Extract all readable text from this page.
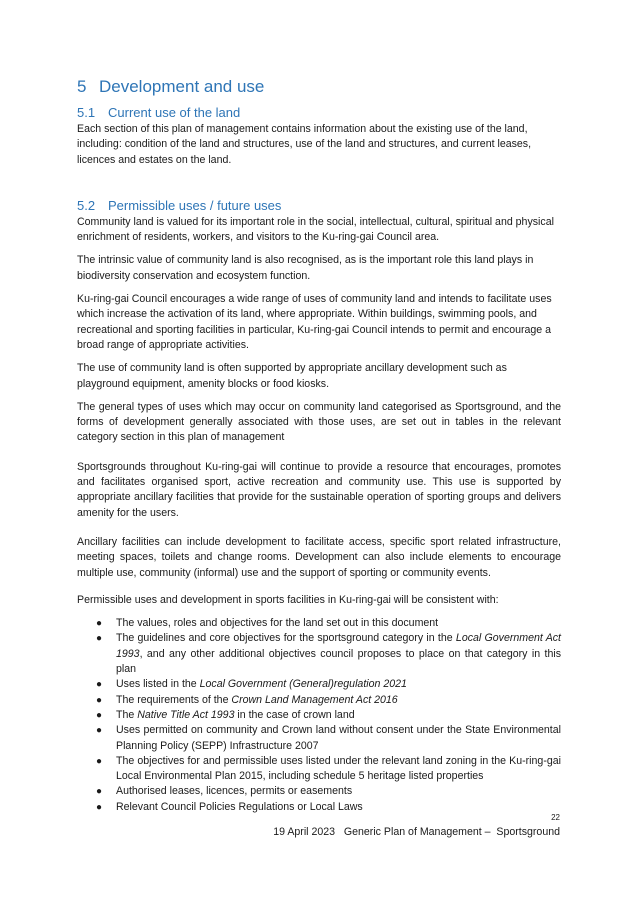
5 Development and use
5.1 Current use of the land

Each section of this plan of management contains information about the existing use of the land, including: condition of the land and structures, use of the land and structures, and current leases, licences and estates on the land.

5.2 Permissible uses / future uses

Community land is valued for its important role in the social, intellectual, cultural, spiritual and physical enrichment of residents, workers, and visitors to the Ku-ring-gai Council area.

The intrinsic value of community land is also recognised, as is the important role this land plays in biodiversity conservation and ecosystem function.

Ku-ring-gai Council encourages a wide range of uses of community land and intends to facilitate uses which increase the activation of its land, where appropriate. Within buildings, swimming pools, and recreational and sporting facilities in particular, Ku-ring-gai Council intends to permit and encourage a broad range of appropriate activities.

The use of community land is often supported by appropriate ancillary development such as playground equipment, amenity blocks or food kiosks.

The general types of uses which may occur on community land categorised as Sportsground, and the forms of development generally associated with those uses, are set out in tables in the relevant category section in this plan of management

Sportsgrounds throughout Ku-ring-gai will continue to provide a resource that encourages, promotes and facilitates organised sport, active recreation and community use. This use is supported by appropriate ancillary facilities that provide for the sustainable operation of sporting groups and delivers amenity for the users.

Ancillary facilities can include development to facilitate access, specific sport related infrastructure, meeting spaces, toilets and change rooms. Development can also include elements to encourage multiple use, community (informal) use and the support of sporting or community events.

Permissible uses and development in sports facilities in Ku-ring-gai will be consistent with:

● The values, roles and objectives for the land set out in this document
● The guidelines and core objectives for the sportsground category in the Local Government Act 1993, and any other additional objectives council proposes to place on that category in this plan
● Uses listed in the Local Government (General)regulation 2021
● The requirements of the Crown Land Management Act 2016
● The Native Title Act 1993 in the case of crown land
● Uses permitted on community and Crown land without consent under the State Environmental Planning Policy (SEPP) Infrastructure 2007
● The objectives for and permissible uses listed under the relevant land zoning in the Ku-ring-gai Local Environmental Plan 2015, including schedule 5 heritage listed properties
● Authorised leases, licences, permits or easements
● Relevant Council Policies Regulations or Local Laws
22
19 April 2023   Generic Plan of Management –  Sportsground
